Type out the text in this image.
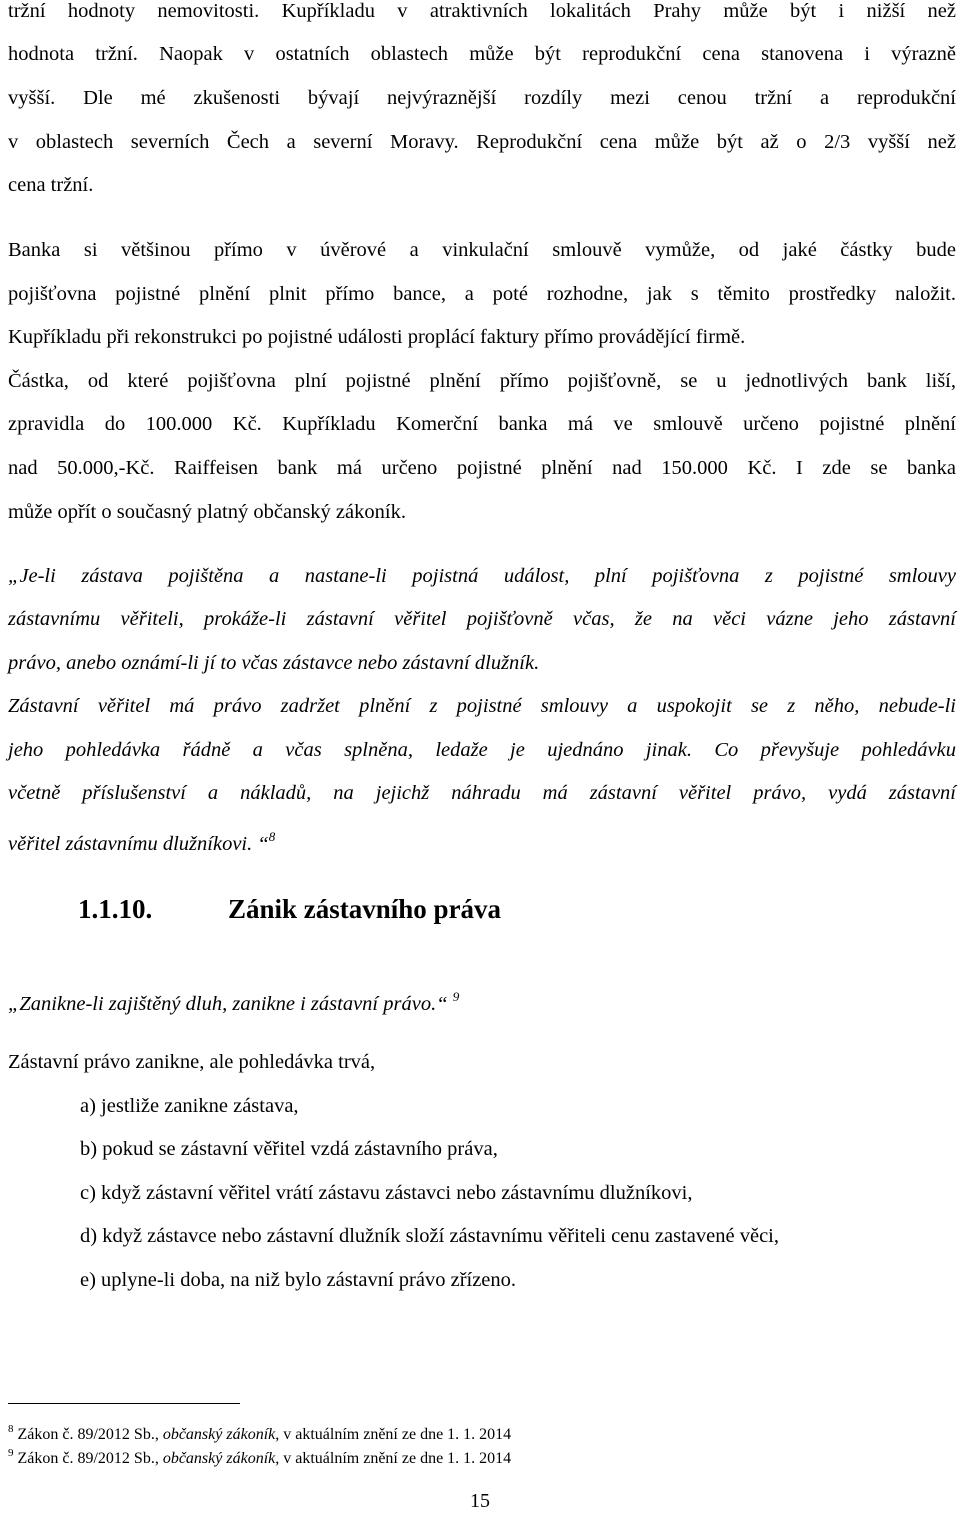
tržní hodnoty nemovitosti. Kupříkladu v atraktivních lokalitách Prahy může být i nižší než
hodnota tržní. Naopak v ostatních oblastech může být reprodukční cena stanovena i výrazně
vyšší. Dle mé zkušenosti bývají nejvýraznější rozdíly mezi cenou tržní a reprodukční
v oblastech severních Čech a severní Moravy. Reprodukční cena může být až o 2/3 vyšší než
cena tržní.
Banka si většinou přímo v úvěrové a vinkulační smlouvě vymůže, od jaké částky bude
pojišťovna pojistné plnění plnit přímo bance, a poté rozhodne, jak s těmito prostředky naložit.
Kupříkladu při rekonstrukci po pojistné události proplácí faktury přímo provádějící firmě.
Částka, od které pojišťovna plní pojistné plnění přímo pojišťovně, se u jednotlivých bank liší,
zpravidla do 100.000 Kč. Kupříkladu Komerční banka má ve smlouvě určeno pojistné plnění
nad 50.000,-Kč. Raiffeisen bank má určeno pojistné plnění nad 150.000 Kč. I zde se banka
může opřít o současný platný občanský zákoník.
„Je-li zástava pojištěna a nastane-li pojistná událost, plní pojišťovna z pojistné smlouvy
zástavnímu věřiteli, prokáže-li zástavní věřitel pojišťovně včas, že na věci vázne jeho zástavní
právo, anebo oznámí-li jí to včas zástavce nebo zástavní dlužník.
Zástavní věřitel má právo zadržet plnění z pojistné smlouvy a uspokojit se z něho, nebude-li
jeho pohledávka řádně a včas splněna, ledaže je ujednáno jinak. Co převyšuje pohledávku
včetně příslušenství a nákladů, na jejichž náhradu má zástavní věřitel právo, vydá zástavní
věřitel zástavnímu dlužníkovi. “$^8$
1.1.10.	Zánik zástavního práva
„Zanikne-li zajištěný dluh, zanikne i zástavní právo.“ $^9$
Zástavní právo zanikne, ale pohledávka trvá,
a) jestliže zanikne zástava,
b) pokud se zástavní věřitel vzdá zástavního práva,
c) když zástavní věřitel vrátí zástavu zástavci nebo zástavnímu dlužníkovi,
d) když zástavce nebo zástavní dlužník složí zástavnímu věřiteli cenu zastavené věci,
e) uplyne-li doba, na niž bylo zástavní právo zřízeno.
$^8$ Zákon č. 89/2012 Sb., občanský zákoník, v aktuálním znění ze dne 1. 1. 2014
$^9$ Zákon č. 89/2012 Sb., občanský zákoník, v aktuálním znění ze dne 1. 1. 2014
15
